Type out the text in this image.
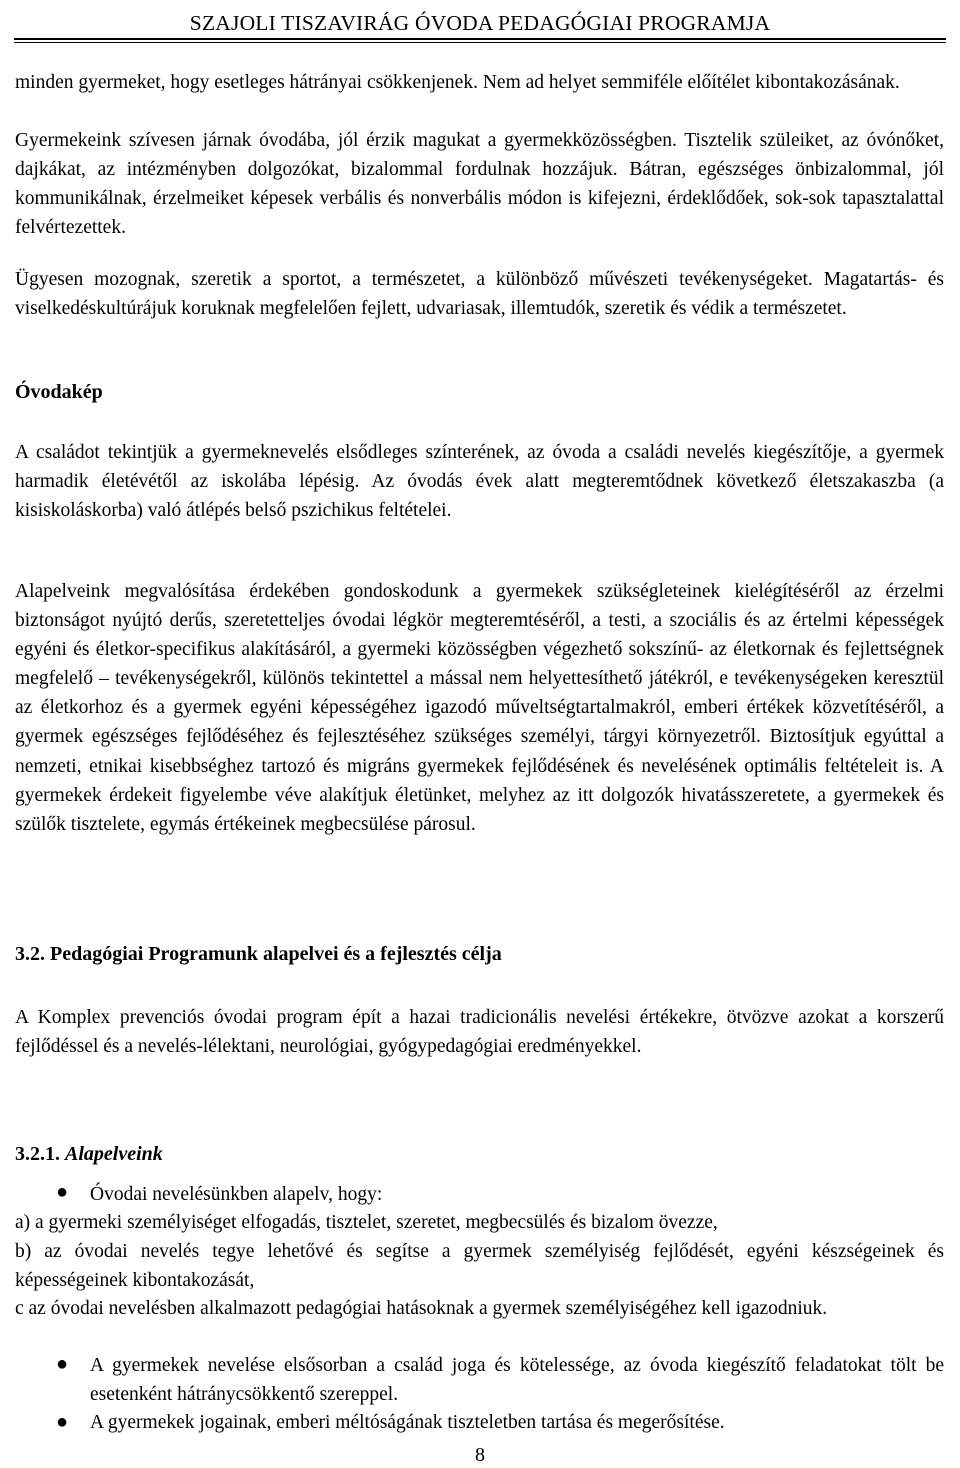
SZAJOLI TISZAVIRÁG ÓVODA PEDAGÓGIAI PROGRAMJA

minden gyermeket, hogy esetleges hátrányai csökkenjenek. Nem ad helyet semmiféle előítélet kibontakozásának.

Gyermekeink szívesen járnak óvodába, jól érzik magukat a gyermekközösségben. Tisztelik szüleiket, az óvónőket, dajkákat, az intézményben dolgozókat, bizalommal fordulnak hozzájuk. Bátran, egészséges önbizalommal, jól kommunikálnak, érzelmeiket képesek verbális és nonverbális módon is kifejezni, érdeklődőek, sok-sok tapasztalattal felvértezettek.

Ügyesen mozognak, szeretik a sportot, a természetet, a különböző művészeti tevékenységeket. Magatartás- és viselkedéskultúrájuk koruknak megfelelően fejlett, udvariasak, illemtudók, szeretik és védik a természetet.

Óvodakép

A családot tekintjük a gyermeknevelés elsődleges színterének, az óvoda a családi nevelés kiegészítője, a gyermek harmadik életévétől az iskolába lépésig. Az óvodás évek alatt megteremtődnek következő életszakaszba (a kisiskoláskorba) való átlépés belső pszichikus feltételei.

Alapelveink megvalósítása érdekében gondoskodunk a gyermekek szükségleteinek kielégítéséről az érzelmi biztonságot nyújtó derűs, szeretetteljes óvodai légkör megteremtéséről, a testi, a szociális és az értelmi képességek egyéni és életkor-specifikus alakításáról, a gyermeki közösségben végezhető sokszínű- az életkornak és fejlettségnek megfelelő – tevékenységekről, különös tekintettel a mással nem helyettesíthető játékról, e tevékenységeken keresztül az életkorhoz és a gyermek egyéni képességéhez igazodó műveltségtartalmakról, emberi értékek közvetítéséről, a gyermek egészséges fejlődéséhez és fejlesztéséhez szükséges személyi, tárgyi környezetről. Biztosítjuk egyúttal a nemzeti, etnikai kisebbséghez tartozó és migráns gyermekek fejlődésének és nevelésének optimális feltételeit is. A gyermekek érdekeit figyelembe véve alakítjuk életünket, melyhez az itt dolgozók hivatásszeretete, a gyermekek és szülők tisztelete, egymás értékeinek megbecsülése párosul.

3.2. Pedagógiai Programunk alapelvei és a fejlesztés célja

A Komplex prevenciós óvodai program épít a hazai tradicionális nevelési értékekre, ötvözve azokat a korszerű fejlődéssel és a nevelés-lélektani, neurológiai, gyógypedagógiai eredményekkel.

3.2.1. Alapelveink
● Óvodai nevelésünkben alapelv, hogy:

a) a gyermeki személyiséget elfogadás, tisztelet, szeretet, megbecsülés és bizalom övezze,

b) az óvodai nevelés tegye lehetővé és segítse a gyermek személyiség fejlődését, egyéni készségeinek és képességeinek kibontakozását,

c az óvodai nevelésben alkalmazott pedagógiai hatásoknak a gyermek személyiségéhez kell igazodniuk.

● A gyermekek nevelése elsősorban a család joga és kötelessége, az óvoda kiegészítő feladatokat tölt be esetenként hátránycsökkentő szereppel.

● A gyermekek jogainak, emberi méltóságának tiszteletben tartása és megerősítése.

8
